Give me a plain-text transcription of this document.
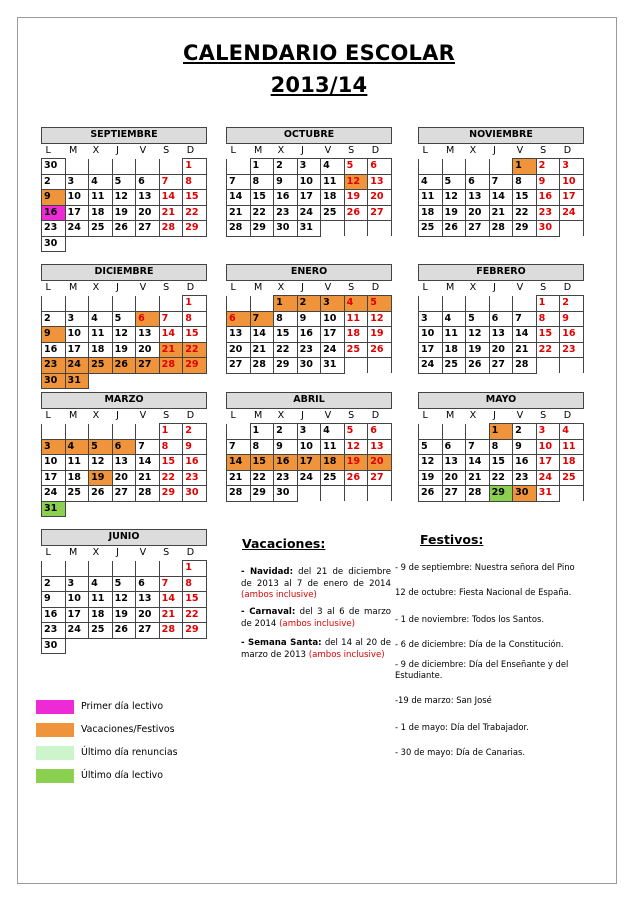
CALENDARIO ESCOLAR
2013/14
SEPTIEMBRE						
L	M	X	J	V	S	D
30						1
2	3	4	5	6	7	8
9	10	11	12	13	14	15
16	17	18	19	20	21	22
23	24	25	26	27	28	29
30						
OCTUBRE						
L	M	X	J	V	S	D
	1	2	3	4	5	6
7	8	9	10	11	12	13
14	15	16	17	18	19	20
21	22	23	24	25	26	27
28	29	30	31			
NOVIEMBRE						
L	M	X	J	V	S	D
				1	2	3
4	5	6	7	8	9	10
11	12	13	14	15	16	17
18	19	20	21	22	23	24
25	26	27	28	29	30	
DICIEMBRE						
L	M	X	J	V	S	D
						1
2	3	4	5	6	7	8
9	10	11	12	13	14	15
16	17	18	19	20	21	22
23	24	25	26	27	28	29
30	31					
ENERO						
L	M	X	J	V	S	D
		1	2	3	4	5
6	7	8	9	10	11	12
13	14	15	16	17	18	19
20	21	22	23	24	25	26
27	28	29	30	31		
FEBRERO						
L	M	X	J	V	S	D
					1	2
3	4	5	6	7	8	9
10	11	12	13	14	15	16
17	18	19	20	21	22	23
24	25	26	27	28		
MARZO						
L	M	X	J	V	S	D
					1	2
3	4	5	6	7	8	9
10	11	12	13	14	15	16
17	18	19	20	21	22	23
24	25	26	27	28	29	30
31						
ABRIL						
L	M	X	J	V	S	D
	1	2	3	4	5	6
7	8	9	10	11	12	13
14	15	16	17	18	19	20
21	22	23	24	25	26	27
28	29	30				
MAYO						
L	M	X	J	V	S	D
			1	2	3	4
5	6	7	8	9	10	11
12	13	14	15	16	17	18
19	20	21	22	23	24	25
26	27	28	29	30	31	
JUNIO						
L	M	X	J	V	S	D
						1
2	3	4	5	6	7	8
9	10	11	12	13	14	15
16	17	18	19	20	21	22
23	24	25	26	27	28	29
30						
Vacaciones:
- Navidad: del 21 de diciembre de 2013 al 7 de enero de 2014 (ambos inclusive)
- Carnaval: del 3 al 6 de marzo de 2014 (ambos inclusive)
- Semana Santa: del 14 al 20 de marzo de 2013 (ambos inclusive)
Festivos:
- 9 de septiembre: Nuestra señora del Pino
12 de octubre: Fiesta Nacional de España.
- 1 de noviembre: Todos los Santos.
- 6 de diciembre: Día de la Constitución.
- 9 de diciembre: Día del Enseñante y del Estudiante.
-19 de marzo: San José
- 1 de mayo: Día del Trabajador.
- 30 de mayo: Día de Canarias.
Primer día lectivo
Vacaciones/Festivos
Último día renuncias
Último día lectivo
